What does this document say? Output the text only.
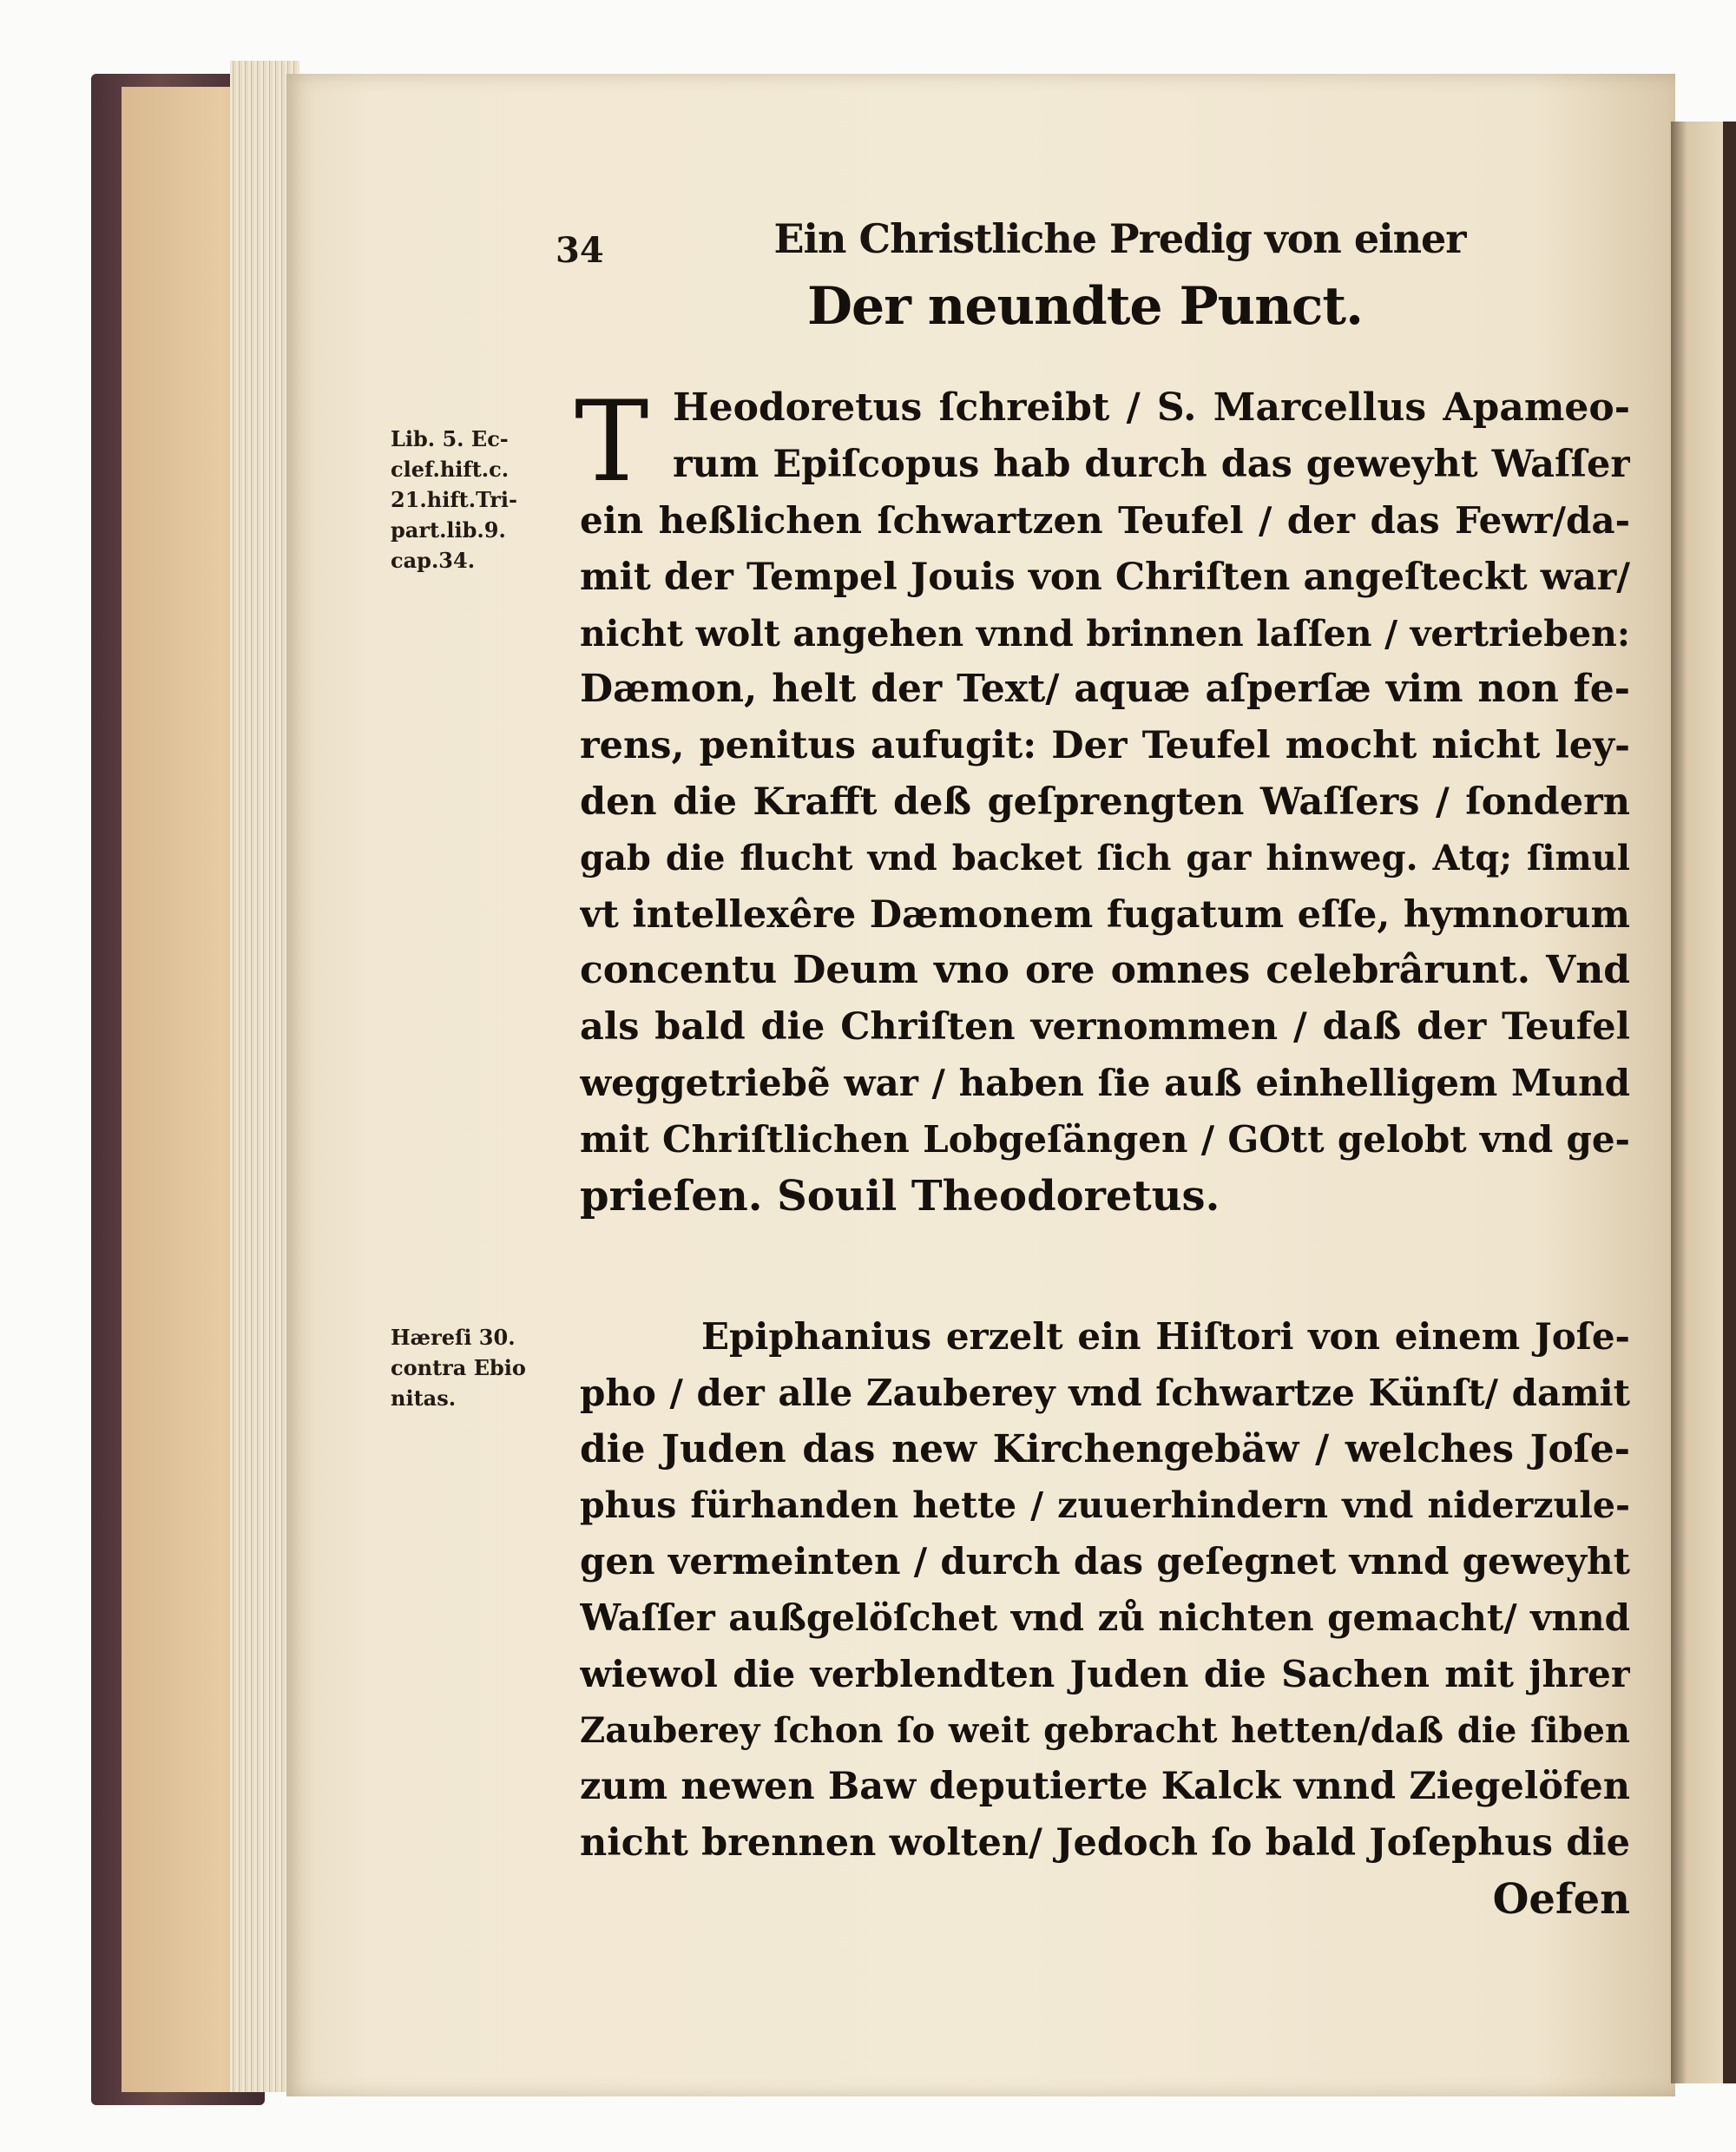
34	Ein Christliche Predig von einer
Der neundte Punct.
Lib. 5. Ec-
clef.hift.c.
21.hift.Tri-
part.lib.9.
cap.34.
Hæreſi 30.
contra Ebio
nitas.
T Heodoretus ſchreibt / S. Marcellus Apameo-
rum Epiſcopus hab durch das geweyht Waſſer
ein heßlichen ſchwartzen Teufel / der das Fewr/da-
mit der Tempel Jouis von Chriſten angeſteckt war/
nicht wolt angehen vnnd brinnen laſſen / vertrieben:
Dæmon, helt der Text/ aquæ aſperſæ vim non fe-
rens, penitus aufugit: Der Teufel mocht nicht ley-
den die Krafft deß geſprengten Waſſers / ſondern
gab die flucht vnd backet ſich gar hinweg. Atq; ſimul
vt intellexêre Dæmonem fugatum eſſe, hymnorum
concentu Deum vno ore omnes celebrârunt. Vnd
als bald die Chriſten vernommen / daß der Teufel
weggetriebẽ war / haben ſie auß einhelligem Mund
mit Chriſtlichen Lobgeſängen / GOtt gelobt vnd ge-
prieſen. Souil Theodoretus.
Epiphanius erzelt ein Hiſtori von einem Joſe-
pho / der alle Zauberey vnd ſchwartze Künſt/ damit
die Juden das new Kirchengebäw / welches Joſe-
phus fürhanden hette / zuuerhindern vnd niderzule-
gen vermeinten / durch das geſegnet vnnd geweyht
Waſſer außgelöſchet vnd zů nichten gemacht/ vnnd
wiewol die verblendten Juden die Sachen mit jhrer
Zauberey ſchon ſo weit gebracht hetten/daß die ſiben
zum newen Baw deputierte Kalck vnnd Ziegelöfen
nicht brennen wolten/ Jedoch ſo bald Joſephus die
Oefen
